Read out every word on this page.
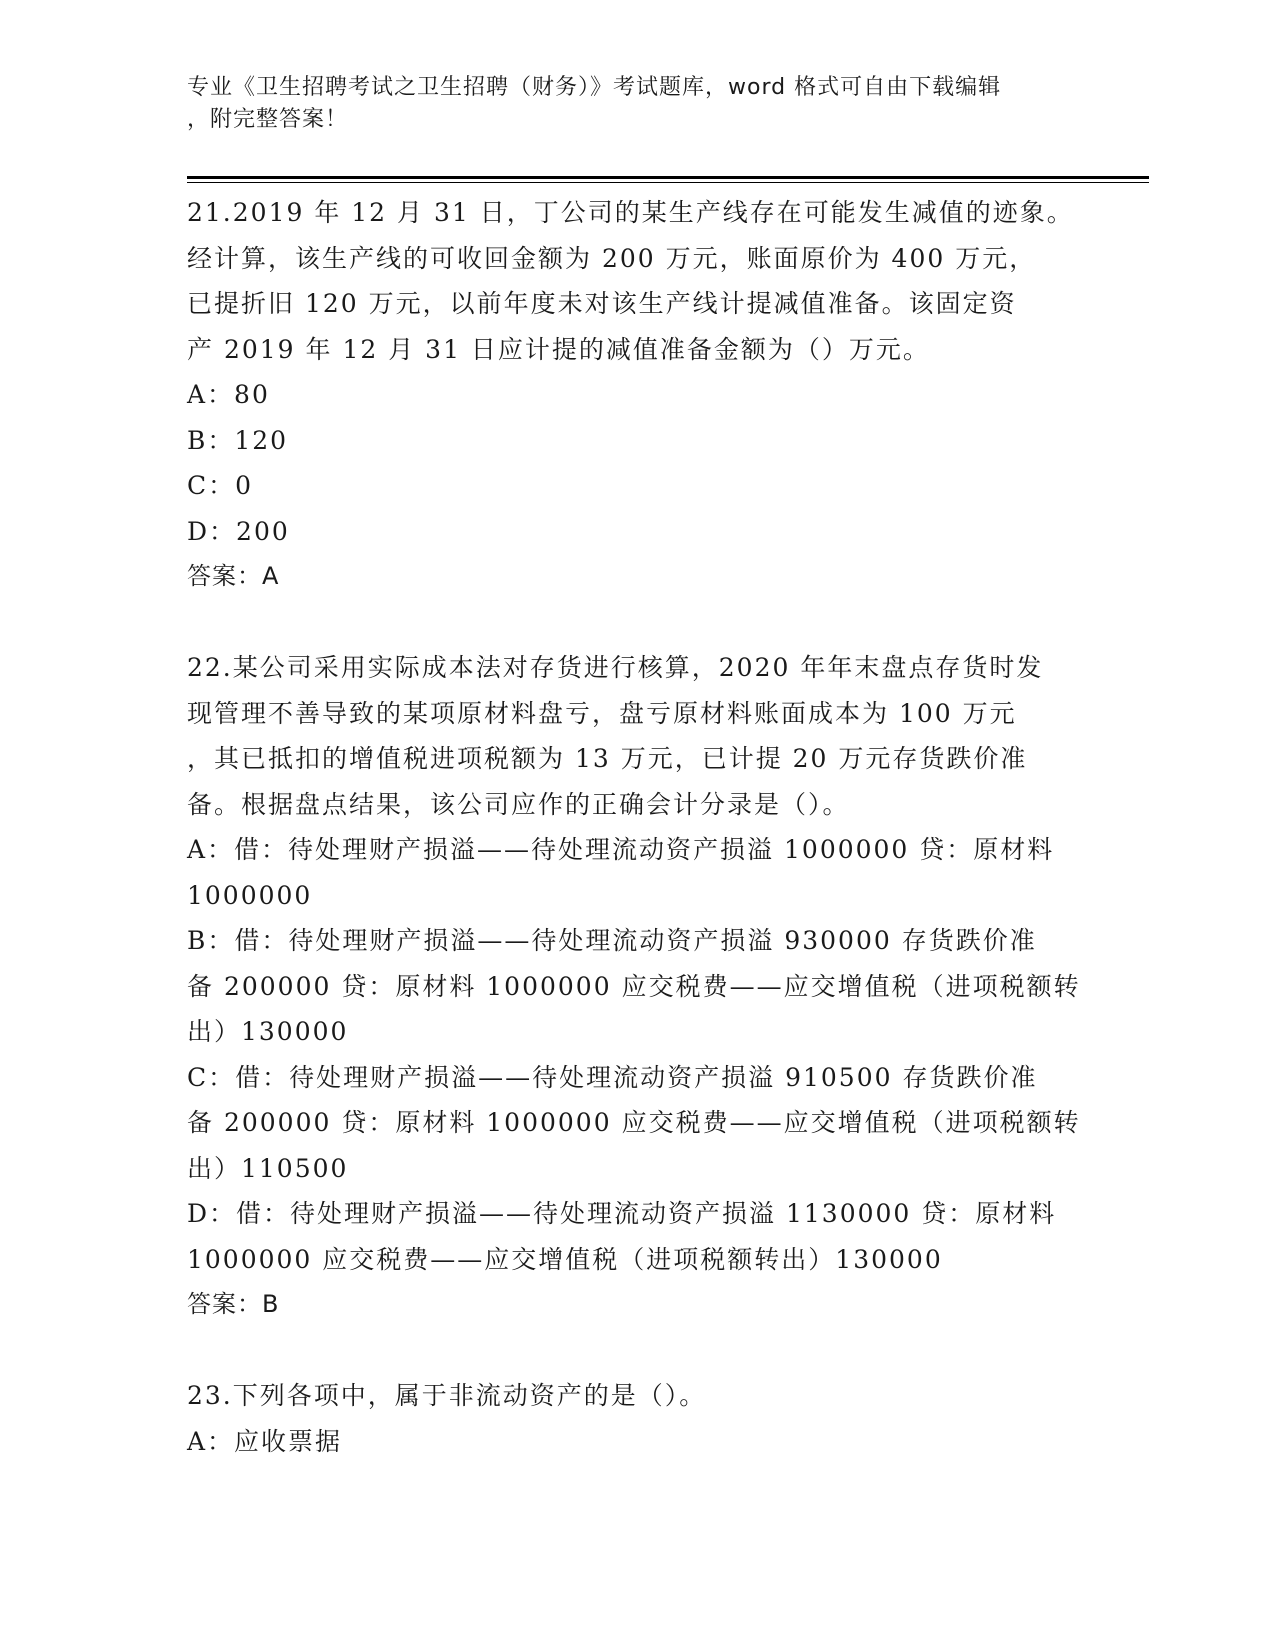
专业《卫生招聘考试之卫生招聘（财务）》考试题库，word 格式可自由下载编辑
，附完整答案！
21.2019 年 12 月 31 日，丁公司的某生产线存在可能发生减值的迹象。
经计算，该生产线的可收回金额为 200 万元，账面原价为 400 万元，
已提折旧 120 万元，以前年度未对该生产线计提减值准备。该固定资
产 2019 年 12 月 31 日应计提的减值准备金额为（）万元。
A：80
B：120
C：0
D：200
答案：A
22.某公司采用实际成本法对存货进行核算，2020 年年末盘点存货时发
现管理不善导致的某项原材料盘亏，盘亏原材料账面成本为 100 万元
，其已抵扣的增值税进项税额为 13 万元，已计提 20 万元存货跌价准
备。根据盘点结果，该公司应作的正确会计分录是（）。
A：借：待处理财产损溢——待处理流动资产损溢 1000000 贷：原材料
1000000
B：借：待处理财产损溢——待处理流动资产损溢 930000 存货跌价准
备 200000 贷：原材料 1000000 应交税费——应交增值税（进项税额转
出）130000
C：借：待处理财产损溢——待处理流动资产损溢 910500 存货跌价准
备 200000 贷：原材料 1000000 应交税费——应交增值税（进项税额转
出）110500
D：借：待处理财产损溢——待处理流动资产损溢 1130000 贷：原材料
1000000 应交税费——应交增值税（进项税额转出）130000
答案：B
23.下列各项中，属于非流动资产的是（）。
A：应收票据
